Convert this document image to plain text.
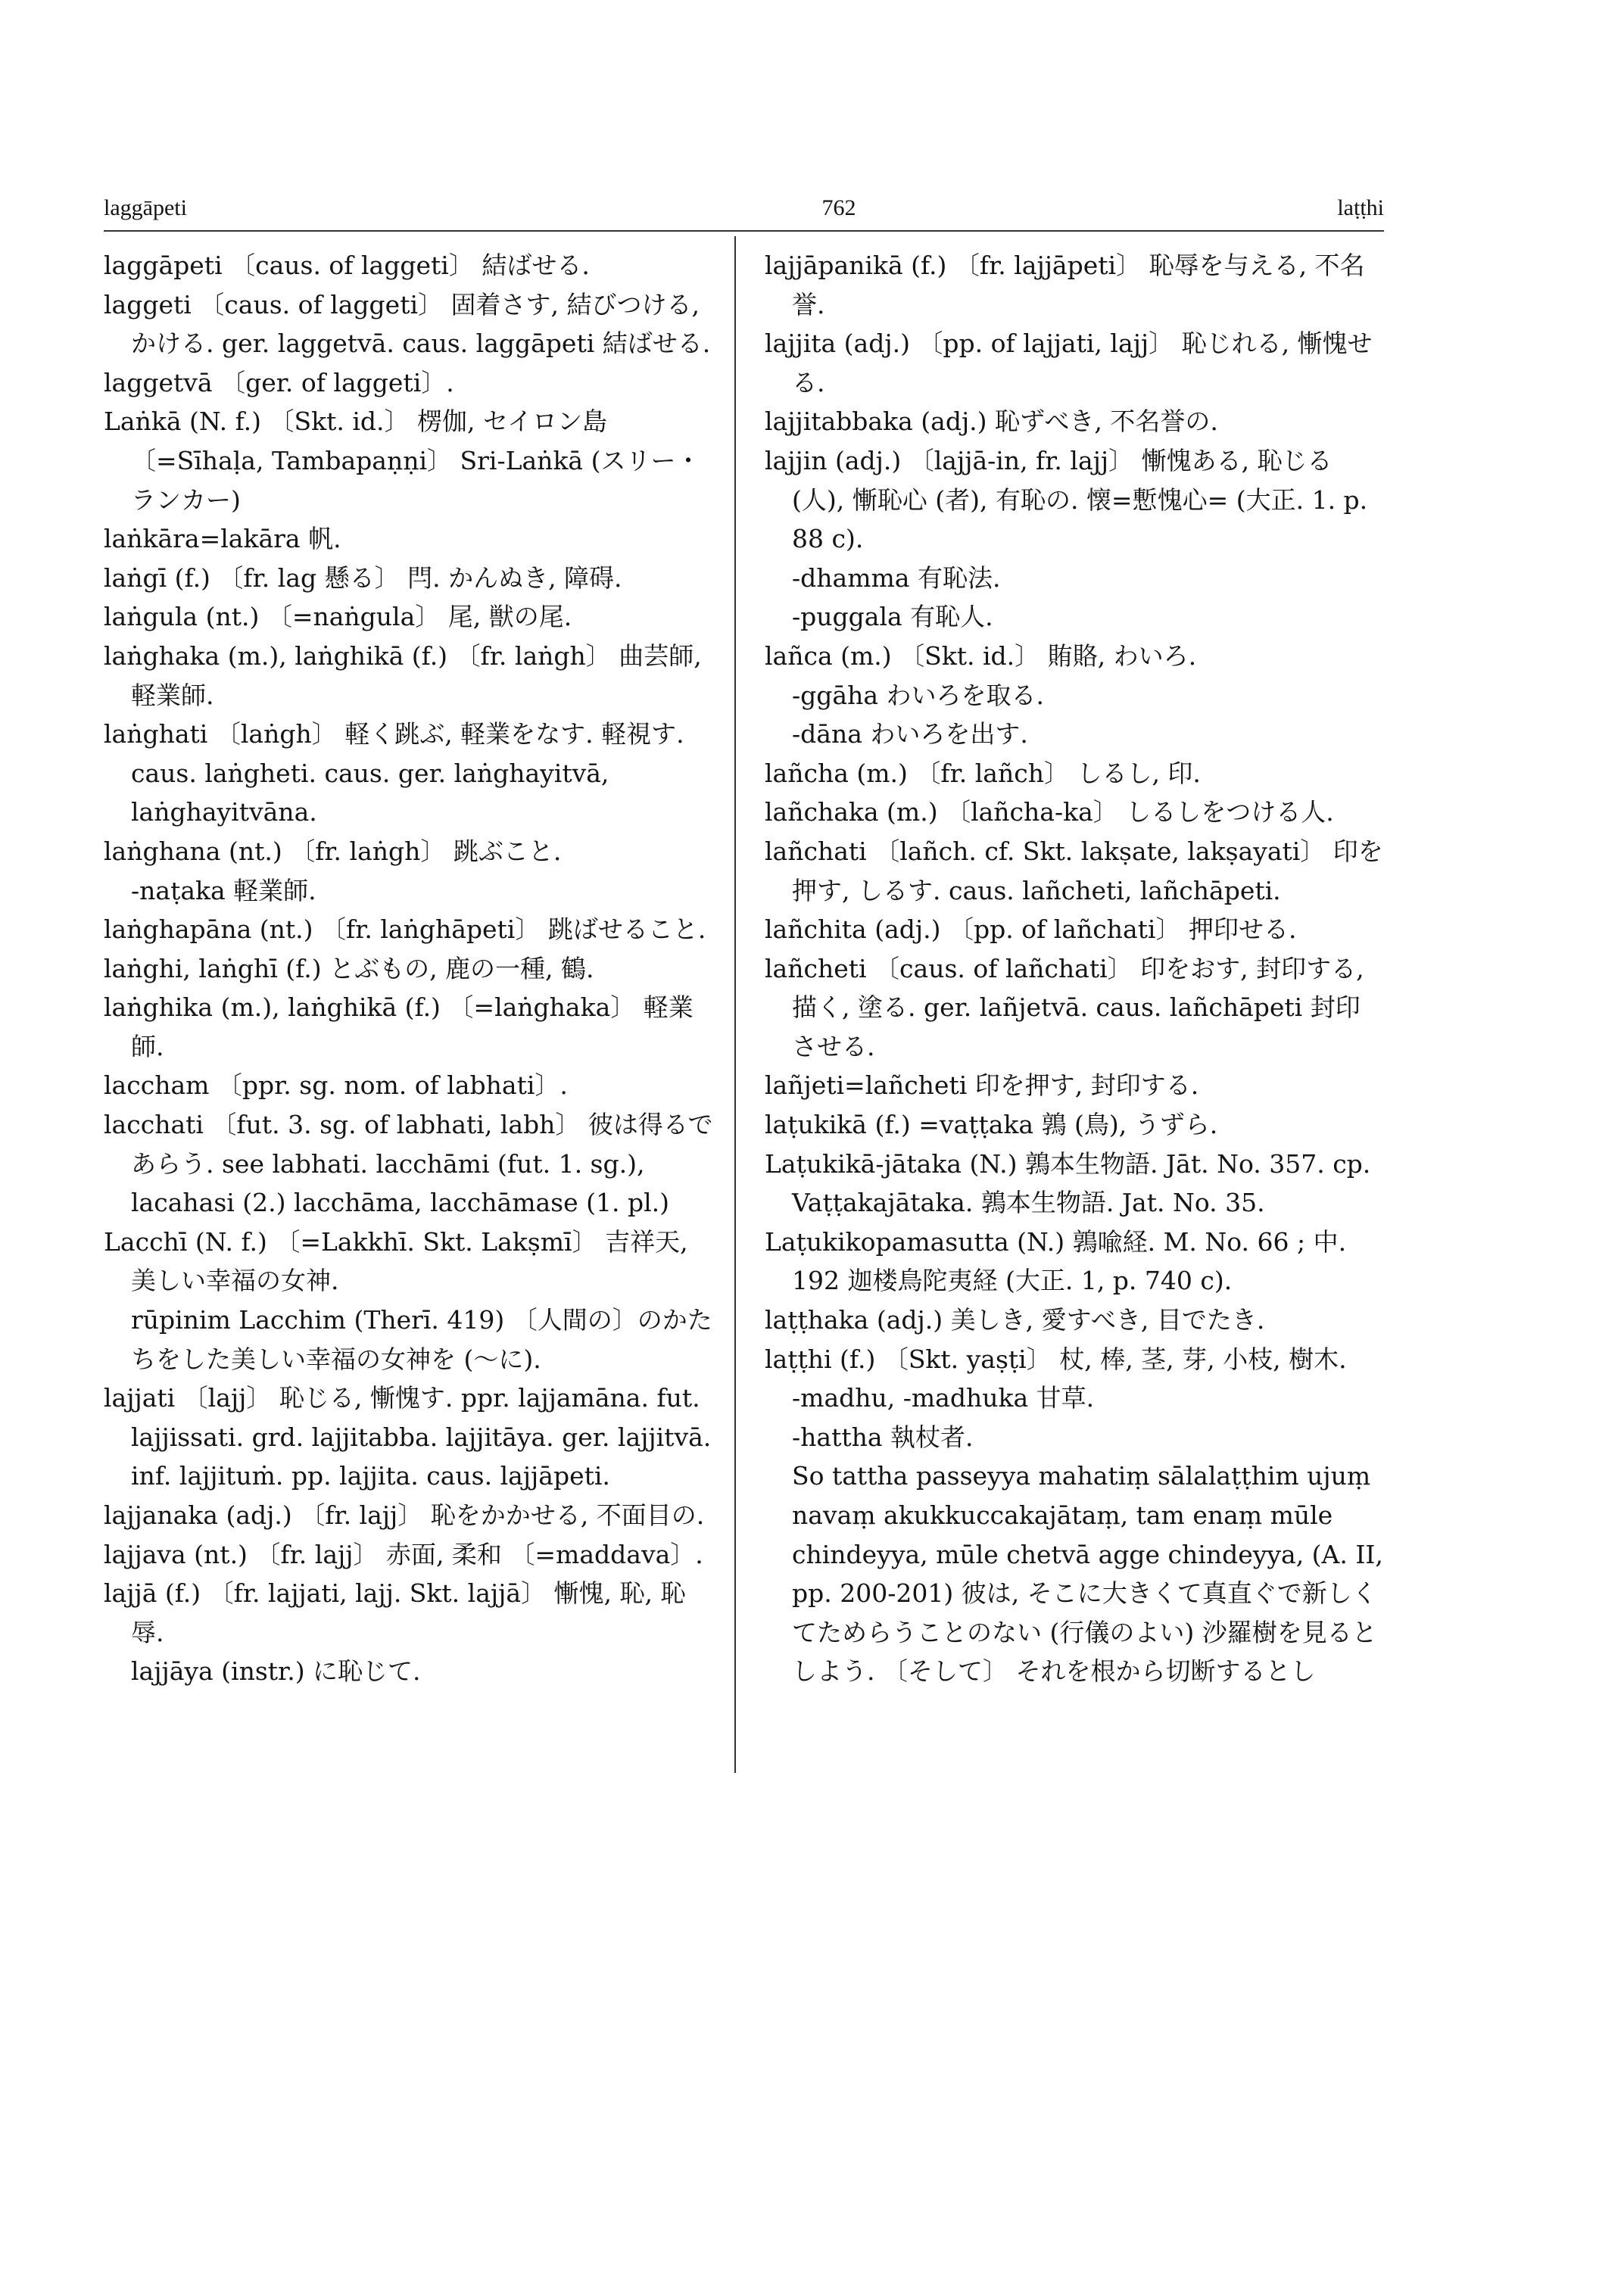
laggāpeti	762	laṭṭhi

laggāpeti 〔caus. of laggeti〕 結ばせる.

laggeti 〔caus. of laggeti〕 固着さす, 結びつける, かける. ger. laggetvā. caus. laggāpeti 結ばせる.

laggetvā 〔ger. of laggeti〕.

Laṅkā (N. f.) 〔Skt. id.〕 楞伽, セイロン島 〔=Sīhaḷa, Tambapaṇṇi〕 Sri-Laṅkā (スリー・ランカー)

laṅkāra=lakāra 帆.

laṅgī (f.) 〔fr. lag 懸る〕 閂. かんぬき, 障碍.

laṅgula (nt.) 〔=naṅgula〕 尾, 獣の尾.

laṅghaka (m.), laṅghikā (f.) 〔fr. laṅgh〕 曲芸師, 軽業師.

laṅghati 〔laṅgh〕 軽く跳ぶ, 軽業をなす. 軽視す. caus. laṅgheti. caus. ger. laṅghayitvā, laṅghayitvāna.

laṅghana (nt.) 〔fr. laṅgh〕 跳ぶこと.

-naṭaka 軽業師.

laṅghapāna (nt.) 〔fr. laṅghāpeti〕 跳ばせること.

laṅghi, laṅghī (f.) とぶもの, 鹿の一種, 鶴.

laṅghika (m.), laṅghikā (f.) 〔=laṅghaka〕 軽業師.

laccham 〔ppr. sg. nom. of labhati〕.

lacchati 〔fut. 3. sg. of labhati, labh〕 彼は得るであらう. see labhati. lacchāmi (fut. 1. sg.), lacahasi (2.) lacchāma, lacchāmase (1. pl.)

Lacchī (N. f.) 〔=Lakkhī. Skt. Lakṣmī〕 吉祥天, 美しい幸福の女神.

rūpinim Lacchim (Therī. 419) 〔人間の〕のかたちをした美しい幸福の女神を (～に).

lajjati 〔lajj〕 恥じる, 慚愧す. ppr. lajjamāna. fut. lajjissati. grd. lajjitabba. lajjitāya. ger. lajjitvā. inf. lajjituṁ. pp. lajjita. caus. lajjāpeti.

lajjanaka (adj.) 〔fr. lajj〕 恥をかかせる, 不面目の.

lajjava (nt.) 〔fr. lajj〕 赤面, 柔和 〔=maddava〕.

lajjā (f.) 〔fr. lajjati, lajj. Skt. lajjā〕 慚愧, 恥, 恥辱.

lajjāya (instr.) に恥じて.

lajjāpanikā (f.) 〔fr. lajjāpeti〕 恥辱を与える, 不名誉.

lajjita (adj.) 〔pp. of lajjati, lajj〕 恥じれる, 慚愧せる.

lajjitabbaka (adj.) 恥ずべき, 不名誉の.

lajjin (adj.) 〔lajjā-in, fr. lajj〕 慚愧ある, 恥じる (人), 慚恥心 (者), 有恥の. 懐=慙愧心= (大正. 1. p. 88 c).

-dhamma 有恥法.

-puggala 有恥人.

lañca (m.) 〔Skt. id.〕 賄賂, わいろ.

-ggāha わいろを取る.

-dāna わいろを出す.

lañcha (m.) 〔fr. lañch〕 しるし, 印.

lañchaka (m.) 〔lañcha-ka〕 しるしをつける人.

lañchati 〔lañch. cf. Skt. lakṣate, lakṣayati〕 印を押す, しるす. caus. lañcheti, lañchāpeti.

lañchita (adj.) 〔pp. of lañchati〕 押印せる.

lañcheti 〔caus. of lañchati〕 印をおす, 封印する, 描く, 塗る. ger. lañjetvā. caus. lañchāpeti 封印させる.

lañjeti=lañcheti 印を押す, 封印する.

laṭukikā (f.) =vaṭṭaka 鶉 (鳥), うずら.

Laṭukikā-jātaka (N.) 鶉本生物語. Jāt. No. 357. cp. Vaṭṭakajātaka. 鶉本生物語. Jat. No. 35.

Laṭukikopamasutta (N.) 鶉喩経. M. No. 66 ; 中. 192 迦楼鳥陀夷経 (大正. 1, p. 740 c).

laṭṭhaka (adj.) 美しき, 愛すべき, 目でたき.

laṭṭhi (f.) 〔Skt. yaṣṭi〕 杖, 棒, 茎, 芽, 小枝, 樹木.

-madhu, -madhuka 甘草.

-hattha 執杖者.

So tattha passeyya mahatiṃ sālalaṭṭhim ujuṃ navaṃ akukkuccakajātaṃ, tam enaṃ mūle chindeyya, mūle chetvā agge chindeyya, (A. II, pp. 200-201) 彼は, そこに大きくて真直ぐで新しくてためらうことのない (行儀のよい) 沙羅樹を見るとしよう. 〔そして〕 それを根から切断するとし
